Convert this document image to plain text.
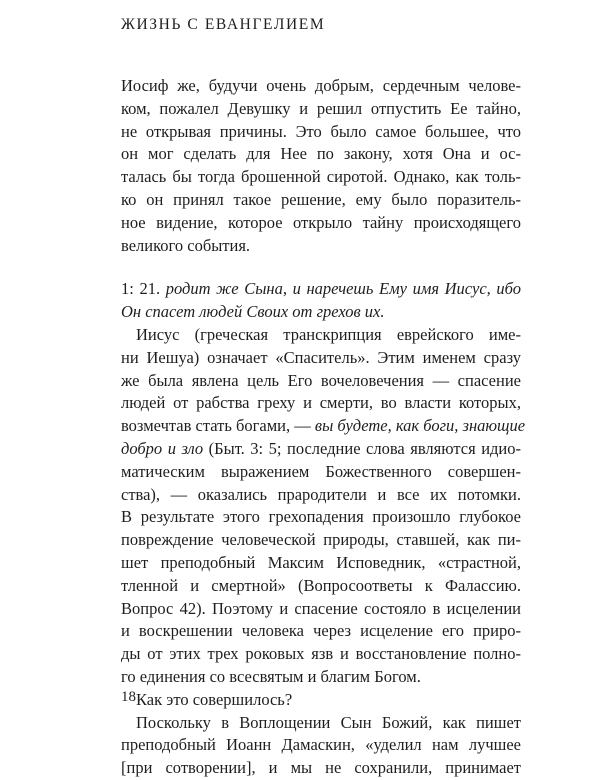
ЖИЗНЬ С ЕВАНГЕЛИЕМ
Иосиф же, будучи очень добрым, сердечным челове-
ком, пожалел Девушку и решил отпустить Ее тайно,
не открывая причины. Это было самое большее, что
он мог сделать для Нее по закону, хотя Она и ос-
талась бы тогда брошенной сиротой. Однако, как толь-
ко он принял такое решение, ему было поразитель-
ное видение, которое открыло тайну происходящего
великого события.
1: 21. родит же Сына, и наречешь Ему имя Иисус, ибо
Он спасет людей Своих от грехов их.
Иисус (греческая транскрипция еврейского име-
ни Иешуа) означает «Спаситель». Этим именем сразу
же была явлена цель Его вочеловечения — спасение
людей от рабства греху и смерти, во власти которых,
возмечтав стать богами, — вы будете, как боги, знающие
добро и зло (Быт. 3: 5; последние слова являются идио-
матическим выражением Божественного совершен-
ства), — оказались прародители и все их потомки.
В результате этого грехопадения произошло глубокое
повреждение человеческой природы, ставшей, как пи-
шет преподобный Максим Исповедник, «страстной,
тленной и смертной» (Вопросоответы к Фаласcию.
Вопрос 42). Поэтому и спасение состояло в исцелении
и воскрешении человека через исцеление его приро-
ды от этих трех роковых язв и восстановление полно-
го единения со всесвятым и благим Богом.
Как это совершилось?
Поскольку в Воплощении Сын Божий, как пишет
преподобный Иоанн Дамаскин, «уделил нам лучшее
[при сотворении], и мы не сохранили, принимает
18
